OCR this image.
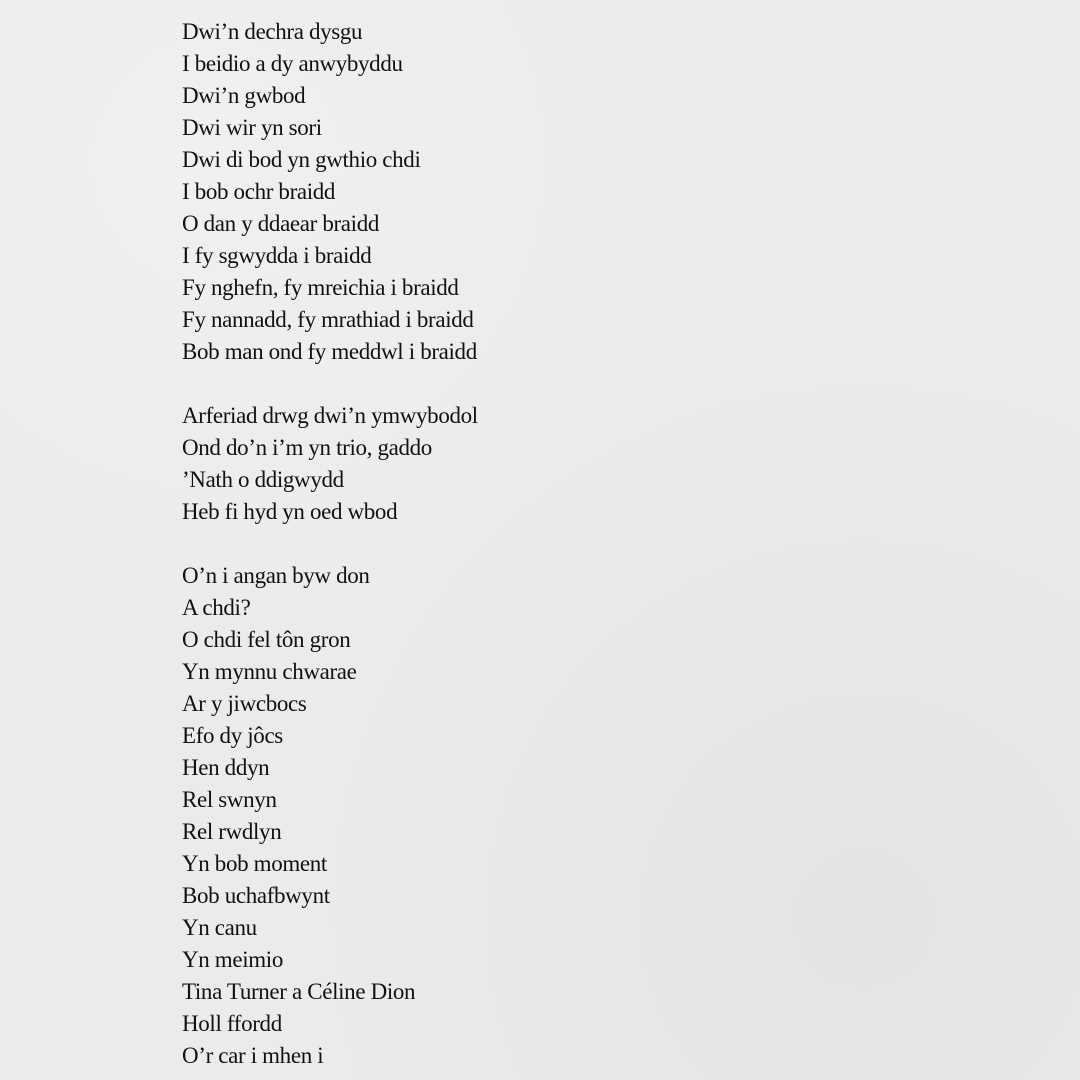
Dwi’n dechra dysgu
I beidio a dy anwybyddu
Dwi’n gwbod
Dwi wir yn sori
Dwi di bod yn gwthio chdi
I bob ochr braidd
O dan y ddaear braidd
I fy sgwydda i braidd
Fy nghefn, fy mreichia i braidd
Fy nannadd, fy mrathiad i braidd
Bob man ond fy meddwl i braidd
Arferiad drwg dwi’n ymwybodol
Ond do’n i’m yn trio, gaddo
’Nath o ddigwydd
Heb fi hyd yn oed wbod
O’n i angan byw don
A chdi?
O chdi fel tôn gron
Yn mynnu chwarae
Ar y jiwcbocs
Efo dy jôcs
Hen ddyn
Rel swnyn
Rel rwdlyn
Yn bob moment
Bob uchafbwynt
Yn canu
Yn meimio
Tina Turner a Céline Dion
Holl ffordd
O’r car i mhen i
